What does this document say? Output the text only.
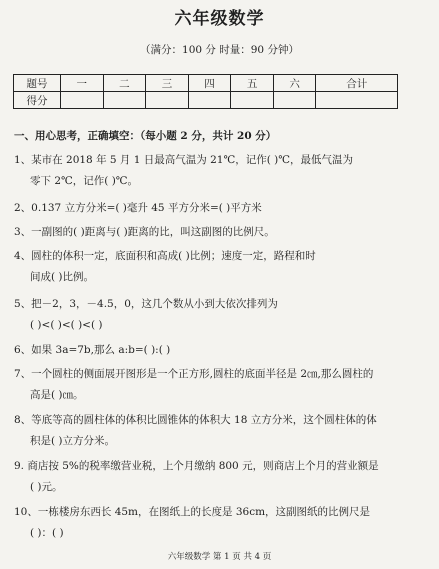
六年级数学
（满分：100 分 时量：90 分钟）
题号	一	二	三	四	五	六	合计
得分							
一、用心思考，正确填空：（每小题 2 分，共计 20 分）
1、某市在 2018 年 5 月 1 日最高气温为 21℃，记作( )℃，最低气温为
零下 2℃，记作( )℃。
2、0.137 立方分米=( )毫升 45 平方分米=( )平方米
3、一副图的( )距离与( )距离的比，叫这副图的比例尺。
4、圆柱的体积一定，底面积和高成( )比例；速度一定，路程和时
间成( )比例。
5、把－2，3，－4.5，0，这几个数从小到大依次排列为
( )<( )<( )<( )
6、如果 3a=7b,那么 a:b=( ):( )
7、一个圆柱的侧面展开图形是一个正方形,圆柱的底面半径是 2㎝,那么圆柱的
高是( )㎝。
8、等底等高的圆柱体的体积比圆锥体的体积大 18 立方分米，这个圆柱体的体
积是( )立方分米。
9. 商店按 5%的税率缴营业税，上个月缴纳 800 元，则商店上个月的营业额是
( )元。
10、一栋楼房东西长 45m，在图纸上的长度是 36cm，这副图纸的比例尺是
( )：( )
六年级数学 第 1 页 共 4 页
